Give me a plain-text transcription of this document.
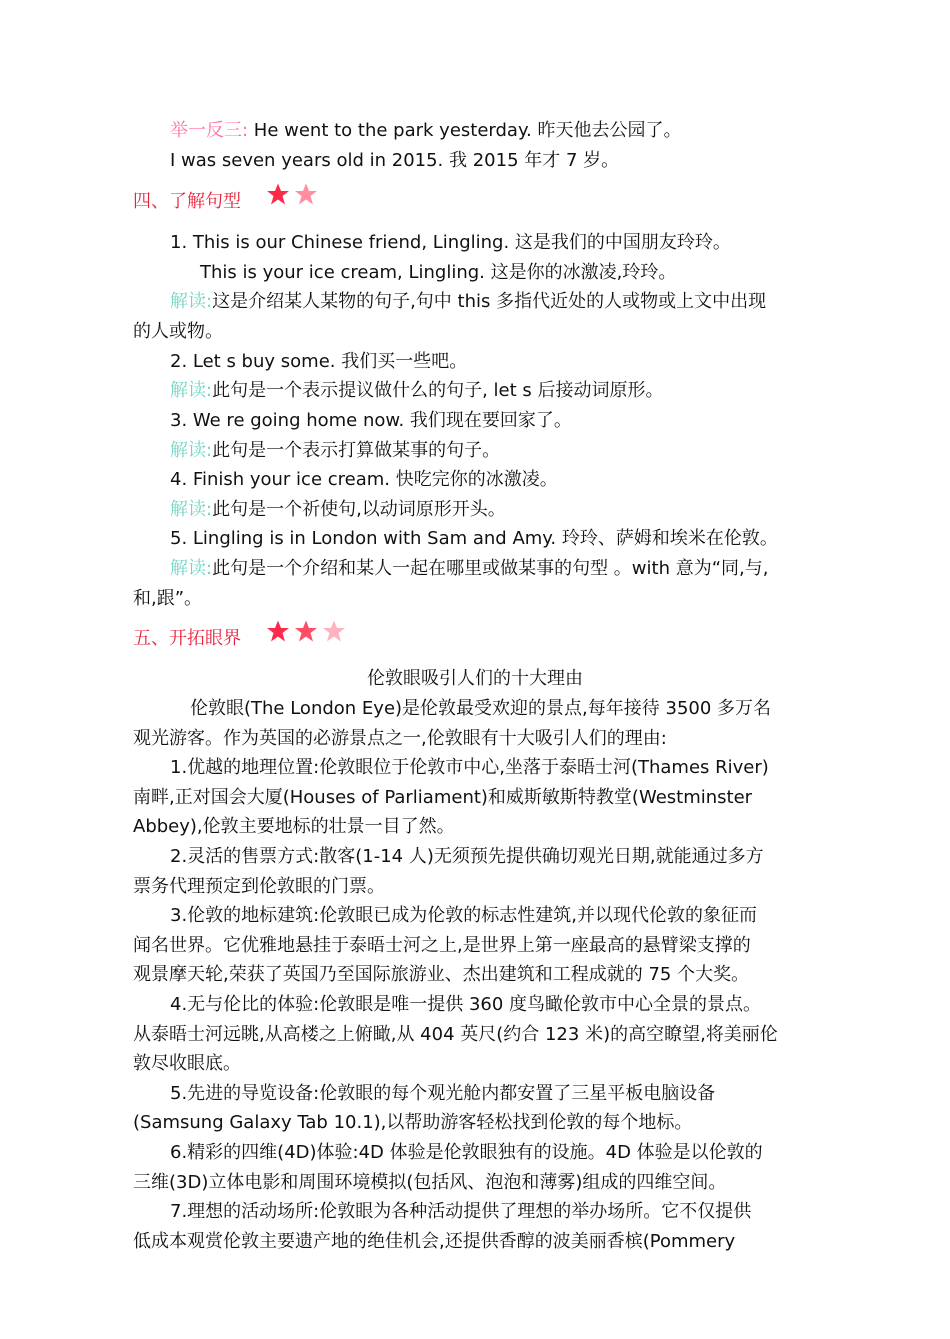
举一反三: He went to the park yesterday. 昨天他去公园了。
I was seven years old in 2015. 我 2015 年才 7 岁。
四、了解句型
1. This is our Chinese friend, Lingling. 这是我们的中国朋友玲玲。
This is your ice cream, Lingling. 这是你的冰激凌,玲玲。
解读:这是介绍某人某物的句子,句中 this 多指代近处的人或物或上文中出现
的人或物。
2. Let s buy some. 我们买一些吧。
解读:此句是一个表示提议做什么的句子, let s 后接动词原形。
3. We re going home now. 我们现在要回家了。
解读:此句是一个表示打算做某事的句子。
4. Finish your ice cream. 快吃完你的冰激凌。
解读:此句是一个祈使句,以动词原形开头。
5. Lingling is in London with Sam and Amy. 玲玲、萨姆和埃米在伦敦。
解读:此句是一个介绍和某人一起在哪里或做某事的句型 。with 意为“同,与,
和,跟”。
五、开拓眼界
伦敦眼吸引人们的十大理由
伦敦眼(The London Eye)是伦敦最受欢迎的景点,每年接待 3500 多万名
观光游客。作为英国的必游景点之一,伦敦眼有十大吸引人们的理由:
1.优越的地理位置:伦敦眼位于伦敦市中心,坐落于泰晤士河(Thames River)
南畔,正对国会大厦(Houses of Parliament)和威斯敏斯特教堂(Westminster
Abbey),伦敦主要地标的壮景一目了然。
2.灵活的售票方式:散客(1-14 人)无须预先提供确切观光日期,就能通过多方
票务代理预定到伦敦眼的门票。
3.伦敦的地标建筑:伦敦眼已成为伦敦的标志性建筑,并以现代伦敦的象征而
闻名世界。它优雅地悬挂于泰晤士河之上,是世界上第一座最高的悬臂梁支撑的
观景摩天轮,荣获了英国乃至国际旅游业、杰出建筑和工程成就的 75 个大奖。
4.无与伦比的体验:伦敦眼是唯一提供 360 度鸟瞰伦敦市中心全景的景点。
从泰晤士河远眺,从高楼之上俯瞰,从 404 英尺(约合 123 米)的高空瞭望,将美丽伦
敦尽收眼底。
5.先进的导览设备:伦敦眼的每个观光舱内都安置了三星平板电脑设备
(Samsung Galaxy Tab 10.1),以帮助游客轻松找到伦敦的每个地标。
6.精彩的四维(4D)体验:4D 体验是伦敦眼独有的设施。4D 体验是以伦敦的
三维(3D)立体电影和周围环境模拟(包括风、泡泡和薄雾)组成的四维空间。
7.理想的活动场所:伦敦眼为各种活动提供了理想的举办场所。它不仅提供
低成本观赏伦敦主要遗产地的绝佳机会,还提供香醇的波美丽香槟(Pommery
